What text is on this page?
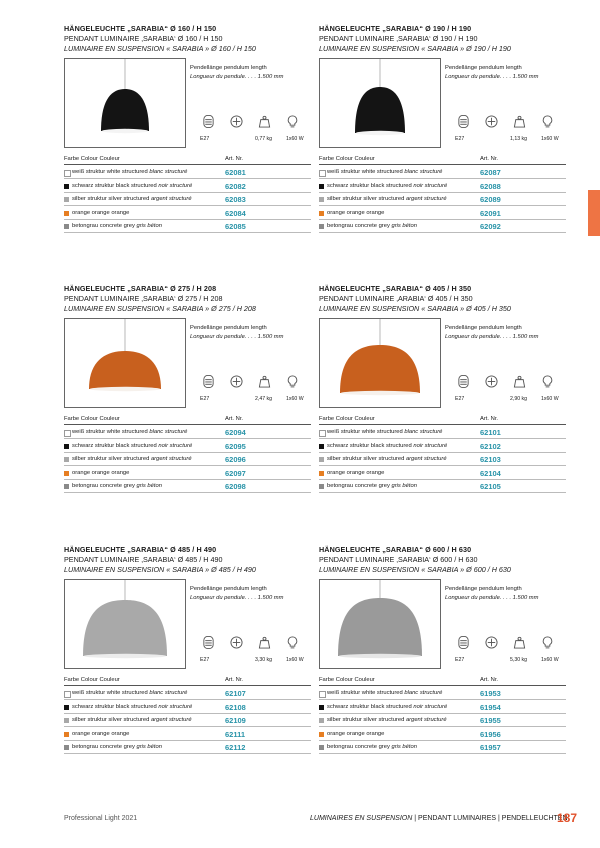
HÄNGELEUCHTE „SARABIA“ Ø 160 / H 150
PENDANT LUMINAIRE ‚SARABIA‘ Ø 160 / H 150
LUMINAIRE EN SUSPENSION « SARABIA » Ø 160 / H 150
Pendellänge pendulum length
Longueur du pendule. . . . 1.500 mm
E27	0,77 kg	1x60 W
Farbe Colour Couleur	Art. Nr.
weiß struktur white structured blanc structuré	62081
schwarz struktur black structured noir structuré	62082
silber struktur silver structured argent structuré	62083
orange orange orange	62084
betongrau concrete grey gris béton	62085
HÄNGELEUCHTE „SARABIA“ Ø 190 / H 190
PENDANT LUMINAIRE ‚SARABIA‘ Ø 190 / H 190
LUMINAIRE EN SUSPENSION « SARABIA » Ø 190 / H 190
Pendellänge pendulum length
Longueur du pendule. . . . 1.500 mm
E27	1,13 kg	1x60 W
Farbe Colour Couleur	Art. Nr.
weiß struktur white structured blanc structuré	62087
schwarz struktur black structured noir structuré	62088
silber struktur silver structured argent structuré	62089
orange orange orange	62091
betongrau concrete grey gris béton	62092
HÄNGELEUCHTE „SARABIA“ Ø 275 / H 208
PENDANT LUMINAIRE ‚SARABIA‘ Ø 275 / H 208
LUMINAIRE EN SUSPENSION « SARABIA » Ø 275 / H 208
Pendellänge pendulum length
Longueur du pendule. . . . 1.500 mm
E27	2,47 kg	1x60 W
Farbe Colour Couleur	Art. Nr.
weiß struktur white structured blanc structuré	62094
schwarz struktur black structured noir structuré	62095
silber struktur silver structured argent structuré	62096
orange orange orange	62097
betongrau concrete grey gris béton	62098
HÄNGELEUCHTE „SARABIA“ Ø 405 / H 350
PENDANT LUMINAIRE ‚ARABIA‘ Ø 405 / H 350
LUMINAIRE EN SUSPENSION « SARABIA » Ø 405 / H 350
Pendellänge pendulum length
Longueur du pendule. . . . 1.500 mm
E27	2,90 kg	1x60 W
Farbe Colour Couleur	Art. Nr.
weiß struktur white structured blanc structuré	62101
schwarz struktur black structured noir structuré	62102
silber struktur silver structured argent structuré	62103
orange orange orange	62104
betongrau concrete grey gris béton	62105
HÄNGELEUCHTE „SARABIA“ Ø 485 / H 490
PENDANT LUMINAIRE ‚SARABIA‘ Ø 485 / H 490
LUMINAIRE EN SUSPENSION « SARABIA » Ø 485 / H 490
Pendellänge pendulum length
Longueur du pendule. . . . 1.500 mm
E27	3,30 kg	1x60 W
Farbe Colour Couleur	Art. Nr.
weiß struktur white structured blanc structuré	62107
schwarz struktur black structured noir structuré	62108
silber struktur silver structured argent structuré	62109
orange orange orange	62111
betongrau concrete grey gris béton	62112
HÄNGELEUCHTE „SARABIA“ Ø 600 / H 630
PENDANT LUMINAIRE ‚SARABIA‘ Ø 600 / H 630
LUMINAIRE EN SUSPENSION « SARABIA » Ø 600 / H 630
Pendellänge pendulum length
Longueur du pendule. . . . 1.500 mm
E27	5,30 kg	1x60 W
Farbe Colour Couleur	Art. Nr.
weiß struktur white structured blanc structuré	61953
schwarz struktur black structured noir structuré	61954
silber struktur silver structured argent structuré	61955
orange orange orange	61956
betongrau concrete grey gris béton	61957
Professional Light 2021	LUMINAIRES EN SUSPENSION | PENDANT LUMINAIRES | PENDELLEUCHTEN
187
